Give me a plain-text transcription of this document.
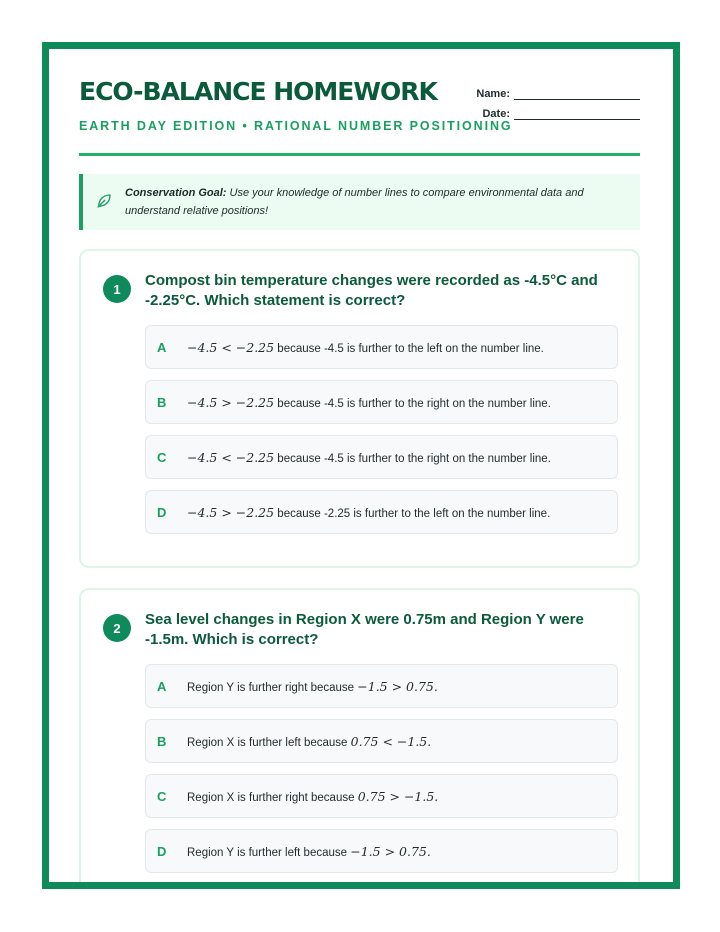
ECO-BALANCE HOMEWORK
EARTH DAY EDITION • RATIONAL NUMBER POSITIONING
Name:
Date:
Conservation Goal: Use your knowledge of number lines to compare environmental data and understand relative positions!
1	Compost bin temperature changes were recorded as -4.5°C and -2.25°C. Which statement is correct?
A	−4.5 < −2.25 because -4.5 is further to the left on the number line.
B	−4.5 > −2.25 because -4.5 is further to the right on the number line.
C	−4.5 < −2.25 because -4.5 is further to the right on the number line.
D	−4.5 > −2.25 because -2.25 is further to the left on the number line.
2	Sea level changes in Region X were 0.75m and Region Y were -1.5m. Which is correct?
A	Region Y is further right because −1.5 > 0.75.
B	Region X is further left because 0.75 < −1.5.
C	Region X is further right because 0.75 > −1.5.
D	Region Y is further left because −1.5 > 0.75.
